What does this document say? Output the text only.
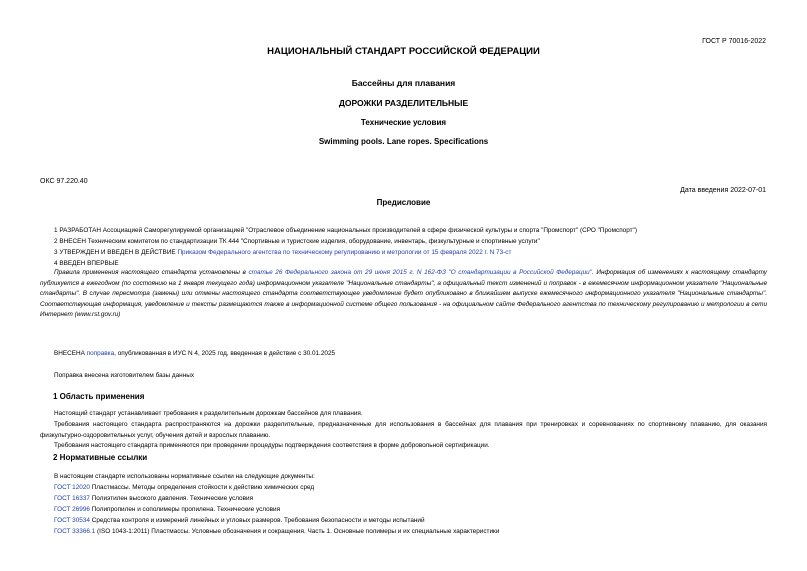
ГОСТ Р 70016-2022
НАЦИОНАЛЬНЫЙ СТАНДАРТ РОССИЙСКОЙ ФЕДЕРАЦИИ
Бассейны для плавания
ДОРОЖКИ РАЗДЕЛИТЕЛЬНЫЕ
Технические условия
Swimming pools. Lane ropes. Specifications
ОКС 97.220.40
Дата введения 2022-07-01
Предисловие
1 РАЗРАБОТАН Ассоциацией Саморегулируемой организацией "Отраслевое объединение национальных производителей в сфере физической культуры и спорта "Промспорт" (СРО "Промспорт")
2 ВНЕСЕН Техническим комитетом по стандартизации ТК 444 "Спортивные и туристские изделия, оборудование, инвентарь, физкультурные и спортивные услуги"
3 УТВЕРЖДЕН И ВВЕДЕН В ДЕЙСТВИЕ Приказом Федерального агентства по техническому регулированию и метрологии от 15 февраля 2022 г. N 73-ст
4 ВВЕДЕН ВПЕРВЫЕ
Правила применения настоящего стандарта установлены в статье 26 Федерального закона от 29 июня 2015 г. N 162-ФЗ "О стандартизации в Российской Федерации". Информация об изменениях к настоящему стандарту публикуется в ежегодном (по состоянию на 1 января текущего года) информационном указателе "Национальные стандарты", а официальный текст изменений и поправок - в ежемесячном информационном указателе "Национальные стандарты". В случае пересмотра (замены) или отмены настоящего стандарта соответствующее уведомление будет опубликовано в ближайшем выпуске ежемесячного информационного указателя "Национальные стандарты". Соответствующая информация, уведомление и тексты размещаются также в информационной системе общего пользования - на официальном сайте Федерального агентства по техническому регулированию и метрологии в сети Интернет (www.rst.gov.ru)
ВНЕСЕНА поправка, опубликованная в ИУС N 4, 2025 год, введенная в действие с 30.01.2025
Поправка внесена изготовителем базы данных
1 Область применения
Настоящий стандарт устанавливает требования к разделительным дорожкам бассейнов для плавания.
Требования настоящего стандарта распространяются на дорожки разделительные, предназначенные для использования в бассейнах для плавания при тренировках и соревнованиях по спортивному плаванию, для оказания физкультурно-оздоровительных услуг, обучения детей и взрослых плаванию.
Требования настоящего стандарта применяются при проведении процедуры подтверждения соответствия в форме добровольной сертификации.
2 Нормативные ссылки
В настоящем стандарте использованы нормативные ссылки на следующие документы:
ГОСТ 12020 Пластмассы. Методы определения стойкости к действию химических сред
ГОСТ 16337 Полиэтилен высокого давления. Технические условия
ГОСТ 26996 Полипропилен и сополимеры пропилена. Технические условия
ГОСТ 30534 Средства контроля и измерений линейных и угловых размеров. Требования безопасности и методы испытаний
ГОСТ 33366.1 (ISO 1043-1:2011) Пластмассы. Условные обозначения и сокращения. Часть 1. Основные полимеры и их специальные характеристики
